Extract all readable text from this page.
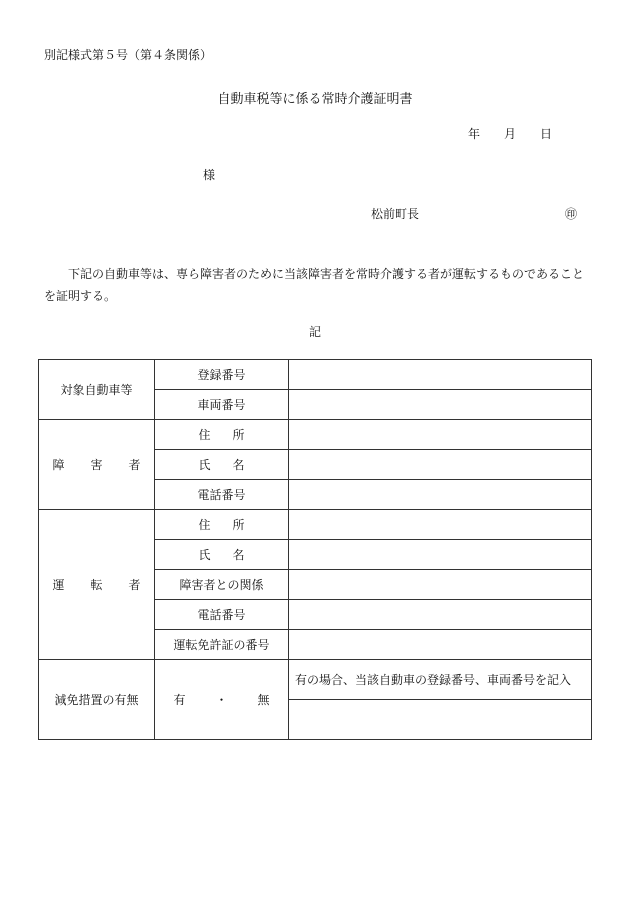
別記様式第５号（第４条関係）
自動車税等に係る常時介護証明書
年 月 日
様
松前町長	㊞
下記の自動車等は、専ら障害者のために当該障害者を常時介護する者が運転するものであることを証明する。
記
対象自動車等	登録番号	
	車両番号	
障 害 者	住 所	
	氏 名	
	電話番号	
運 転 者	住 所	
	氏 名	
	障害者との関係	
	電話番号	
	運転免許証の番号	
減免措置の有無	有 ・ 無	有の場合、当該自動車の登録番号、車両番号を記入
